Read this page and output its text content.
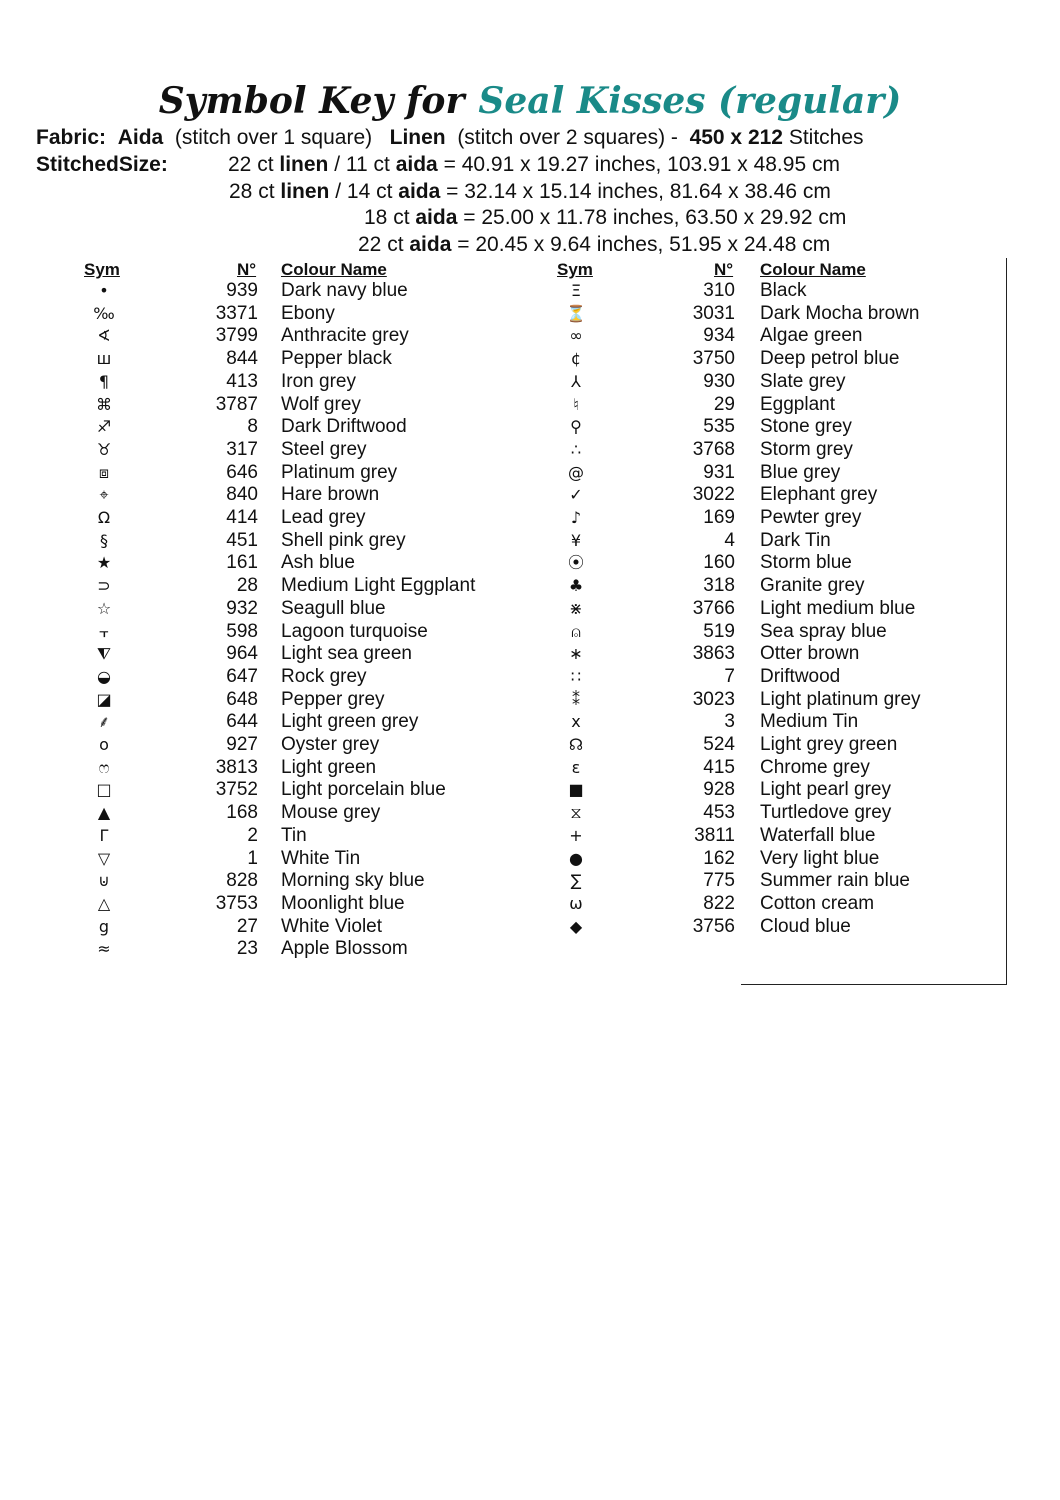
Symbol Key for Seal Kisses (regular)
Fabric: Aida (stitch over 1 square) Linen (stitch over 2 squares) - 450 x 212 Stitches
StitchedSize:	22 ct linen / 11 ct aida = 40.91 x 19.27 inches, 103.91 x 48.95 cm
28 ct linen / 14 ct aida = 32.14 x 15.14 inches, 81.64 x 38.46 cm
18 ct aida = 25.00 x 11.78 inches, 63.50 x 29.92 cm
22 ct aida = 20.45 x 9.64 inches, 51.95 x 24.48 cm
Sym	N° Colour Name	Sym	N° Colour Name
•	939 Dark navy blue
‰	3371 Ebony
∢	3799 Anthracite grey
ш	844 Pepper black
¶	413 Iron grey
⌘	3787 Wolf grey
♐	8 Dark Driftwood
♉	317 Steel grey
⧈	646 Platinum grey
⌖	840 Hare brown
Ω	414 Lead grey
§	451 Shell pink grey
★	161 Ash blue
⊃	28 Medium Light Eggplant
☆	932 Seagull blue
⫟	598 Lagoon turquoise
⧨	964 Light sea green
◒	647 Rock grey
◪	648 Pepper grey
⸙	644 Light green grey
o	927 Oyster grey
ෆ	3813 Light green
□	3752 Light porcelain blue
▲	168 Mouse grey
Γ	2 Tin
▽	1 White Tin
⊍	828 Morning sky blue
△	3753 Moonlight blue
g	27 White Violet
≈	23 Apple Blossom
Ξ	310 Black
⏳	3031 Dark Mocha brown
∞	934 Algae green
¢	3750 Deep petrol blue
⅄	930 Slate grey
♮	29 Eggplant
⚲	535 Stone grey
∴	3768 Storm grey
@	931 Blue grey
✓	3022 Elephant grey
♪	169 Pewter grey
¥	4 Dark Tin
⦿	160 Storm blue
♣	318 Granite grey
⋇	3766 Light medium blue
⍝	519 Sea spray blue
∗	3863 Otter brown
∷	7 Driftwood
⁑	3023 Light platinum grey
x	3 Medium Tin
☊	524 Light grey green
ɛ	415 Chrome grey
■	928 Light pearl grey
⧖	453 Turtledove grey
+	3811 Waterfall blue
●	162 Very light blue
∑	775 Summer rain blue
ω	822 Cotton cream
◆	3756 Cloud blue
